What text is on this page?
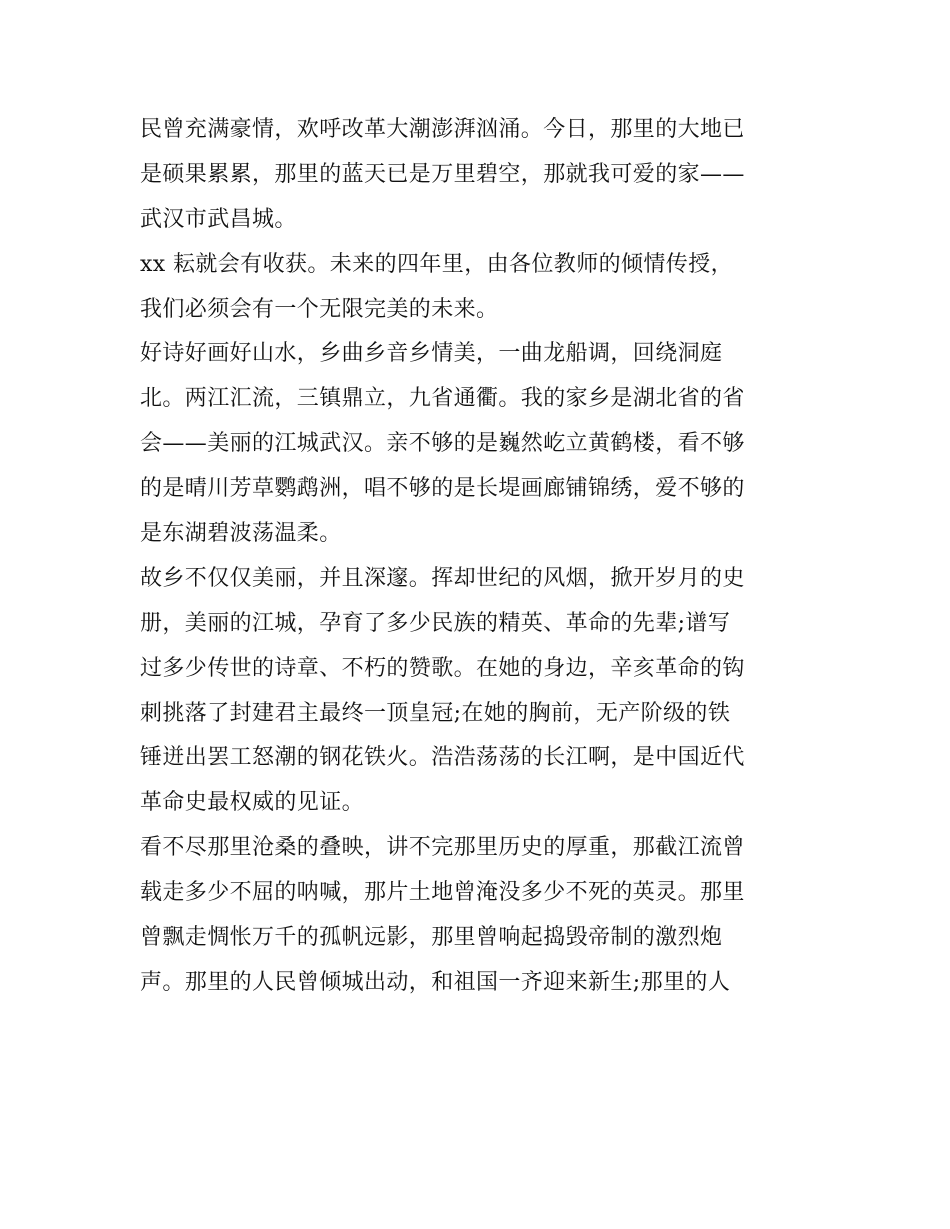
民曾充满豪情，欢呼改革大潮澎湃汹涌。今日，那里的大地已
是硕果累累，那里的蓝天已是万里碧空，那就我可爱的家——
武汉市武昌城。
xx 耘就会有收获。未来的四年里，由各位教师的倾情传授，
我们必须会有一个无限完美的未来。
好诗好画好山水，乡曲乡音乡情美，一曲龙船调，回绕洞庭
北。两江汇流，三镇鼎立，九省通衢。我的家乡是湖北省的省
会——美丽的江城武汉。亲不够的是巍然屹立黄鹤楼，看不够
的是晴川芳草鹦鹉洲，唱不够的是长堤画廊铺锦绣，爱不够的
是东湖碧波荡温柔。
故乡不仅仅美丽，并且深邃。挥却世纪的风烟，掀开岁月的史
册，美丽的江城，孕育了多少民族的精英、革命的先辈;谱写
过多少传世的诗章、不朽的赞歌。在她的身边，辛亥革命的钩
刺挑落了封建君主最终一顶皇冠;在她的胸前，无产阶级的铁
锤迸出罢工怒潮的钢花铁火。浩浩荡荡的长江啊，是中国近代
革命史最权威的见证。
看不尽那里沧桑的叠映，讲不完那里历史的厚重，那截江流曾
载走多少不屈的呐喊，那片土地曾淹没多少不死的英灵。那里
曾飘走惆怅万千的孤帆远影，那里曾响起捣毁帝制的激烈炮
声。那里的人民曾倾城出动，和祖国一齐迎来新生;那里的人
